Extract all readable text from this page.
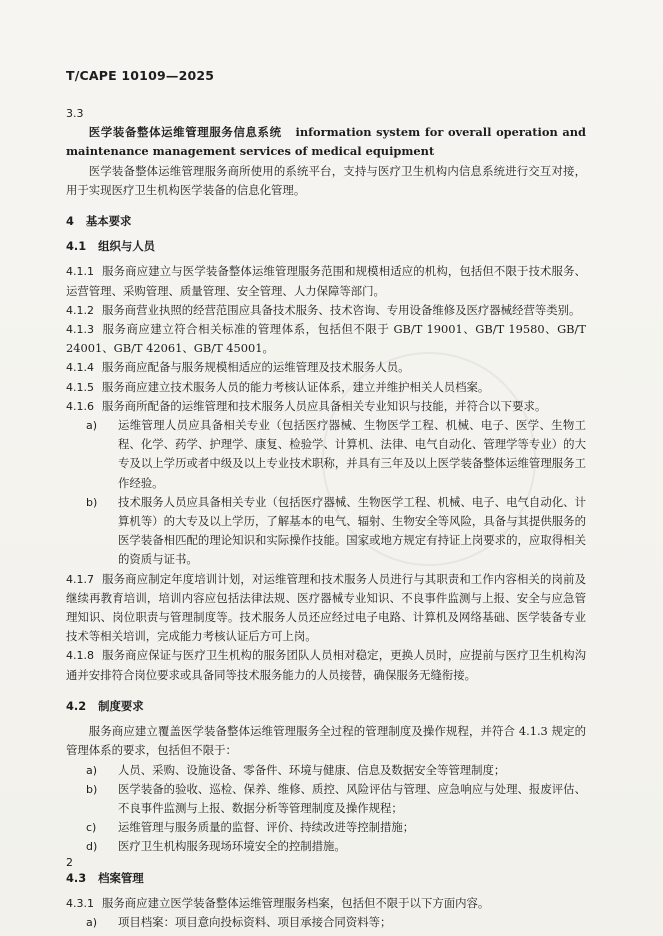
T/CAPE 10109—2025

3.3

医学装备整体运维管理服务信息系统 information system for overall operation and maintenance management services of medical equipment

医学装备整体运维管理服务商所使用的系统平台，支持与医疗卫生机构内信息系统进行交互对接，用于实现医疗卫生机构医学装备的信息化管理。

4 基本要求

4.1 组织与人员

4.1.1 服务商应建立与医学装备整体运维管理服务范围和规模相适应的机构，包括但不限于技术服务、运营管理、采购管理、质量管理、安全管理、人力保障等部门。

4.1.2 服务商营业执照的经营范围应具备技术服务、技术咨询、专用设备维修及医疗器械经营等类别。

4.1.3 服务商应建立符合相关标准的管理体系，包括但不限于 GB/T 19001、GB/T 19580、GB/T 24001、GB/T 42061、GB/T 45001。

4.1.4 服务商应配备与服务规模相适应的运维管理及技术服务人员。

4.1.5 服务商应建立技术服务人员的能力考核认证体系，建立并维护相关人员档案。

4.1.6 服务商所配备的运维管理和技术服务人员应具备相关专业知识与技能，并符合以下要求。

a)	运维管理人员应具备相关专业（包括医疗器械、生物医学工程、机械、电子、医学、生物工程、化学、药学、护理学、康复、检验学、计算机、法律、电气自动化、管理学等专业）的大专及以上学历或者中级及以上专业技术职称，并具有三年及以上医学装备整体运维管理服务工作经验。
b)	技术服务人员应具备相关专业（包括医疗器械、生物医学工程、机械、电子、电气自动化、计算机等）的大专及以上学历，了解基本的电气、辐射、生物安全等风险，具备与其提供服务的医学装备相匹配的理论知识和实际操作技能。国家或地方规定有持证上岗要求的，应取得相关的资质与证书。

4.1.7 服务商应制定年度培训计划，对运维管理和技术服务人员进行与其职责和工作内容相关的岗前及继续再教育培训，培训内容应包括法律法规、医疗器械专业知识、不良事件监测与上报、安全与应急管理知识、岗位职责与管理制度等。技术服务人员还应经过电子电路、计算机及网络基础、医学装备专业技术等相关培训，完成能力考核认证后方可上岗。

4.1.8 服务商应保证与医疗卫生机构的服务团队人员相对稳定，更换人员时，应提前与医疗卫生机构沟通并安排符合岗位要求或具备同等技术服务能力的人员接替，确保服务无缝衔接。

4.2 制度要求

服务商应建立覆盖医学装备整体运维管理服务全过程的管理制度及操作规程，并符合 4.1.3 规定的管理体系的要求，包括但不限于：

a)	人员、采购、设施设备、零备件、环境与健康、信息及数据安全等管理制度；
b)	医学装备的验收、巡检、保养、维修、质控、风险评估与管理、应急响应与处理、报废评估、不良事件监测与上报、数据分析等管理制度及操作规程；
c)	运维管理与服务质量的监督、评价、持续改进等控制措施；
d)	医疗卫生机构服务现场环境安全的控制措施。

4.3 档案管理

4.3.1 服务商应建立医学装备整体运维管理服务档案，包括但不限于以下方面内容。

a)	项目档案：项目意向投标资料、项目承接合同资料等；
2
